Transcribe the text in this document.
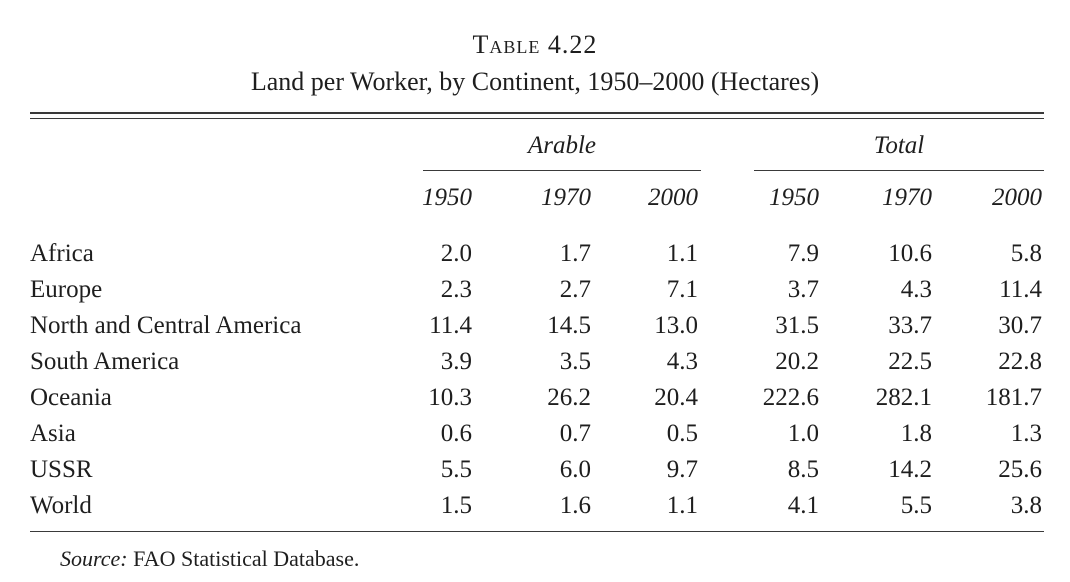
Table 4.22
Land per Worker, by Continent, 1950–2000 (Hectares)
Arable	Total
1950	1970	2000	1950	1970	2000
Africa	2.0	1.7	1.1	7.9	10.6	5.8
Europe	2.3	2.7	7.1	3.7	4.3	11.4
North and Central America	11.4	14.5	13.0	31.5	33.7	30.7
South America	3.9	3.5	4.3	20.2	22.5	22.8
Oceania	10.3	26.2	20.4	222.6	282.1	181.7
Asia	0.6	0.7	0.5	1.0	1.8	1.3
USSR	5.5	6.0	9.7	8.5	14.2	25.6
World	1.5	1.6	1.1	4.1	5.5	3.8
Source: FAO Statistical Database.
